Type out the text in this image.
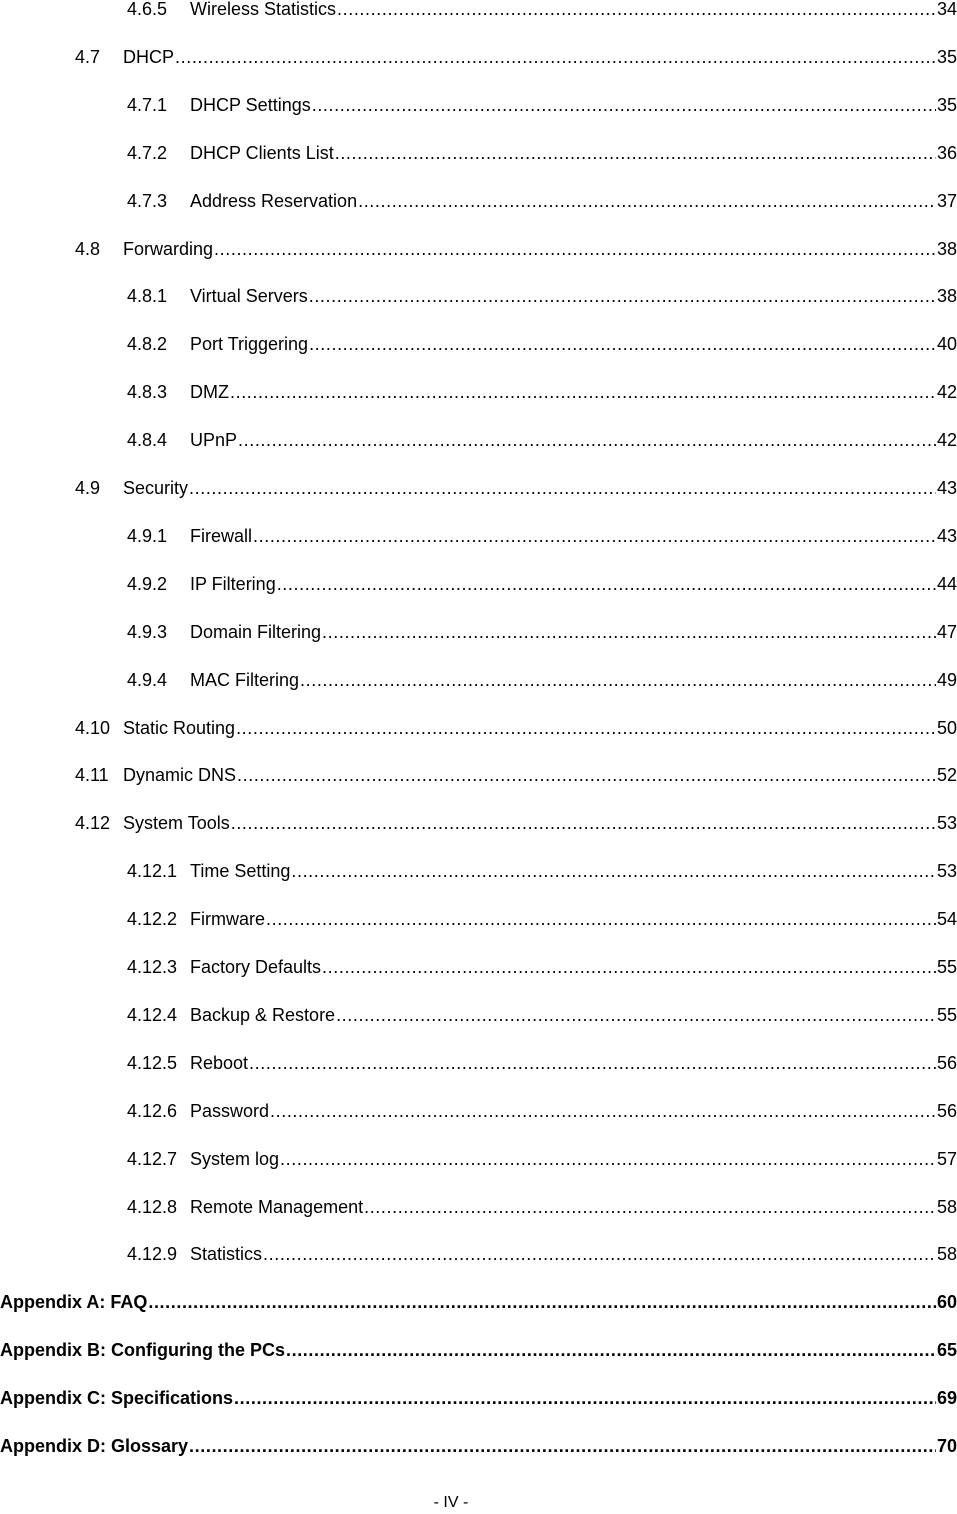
4.6.5	Wireless Statistics .....	34
4.7	DHCP .....	35
4.7.1	DHCP Settings .....	35
4.7.2	DHCP Clients List .....	36
4.7.3	Address Reservation .....	37
4.8	Forwarding .....	38
4.8.1	Virtual Servers .....	38
4.8.2	Port Triggering .....	40
4.8.3	DMZ .....	42
4.8.4	UPnP .....	42
4.9	Security .....	43
4.9.1	Firewall .....	43
4.9.2	IP Filtering .....	44
4.9.3	Domain Filtering .....	47
4.9.4	MAC Filtering .....	49
4.10 Static Routing .....	50
4.11 Dynamic DNS .....	52
4.12 System Tools .....	53
4.12.1 Time Setting .....	53
4.12.2 Firmware .....	54
4.12.3 Factory Defaults .....	55
4.12.4 Backup & Restore .....	55
4.12.5 Reboot .....	56
4.12.6 Password .....	56
4.12.7 System log .....	57
4.12.8 Remote Management .....	58
4.12.9 Statistics .....	58
Appendix A: FAQ .....	60
Appendix B: Configuring the PCs .....	65
Appendix C: Specifications .....	69
Appendix D: Glossary .....	70
- IV -
